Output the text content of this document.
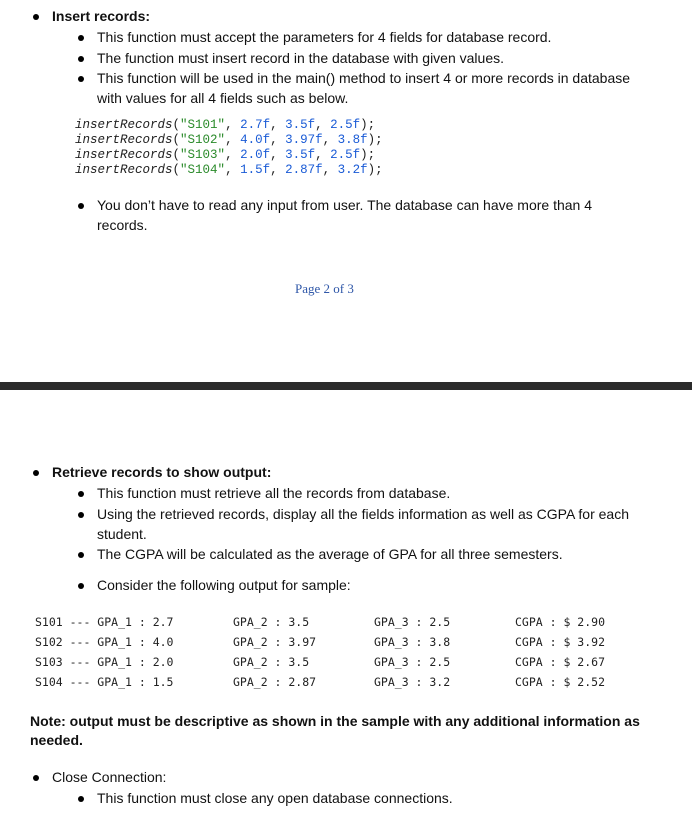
Insert records:
This function must accept the parameters for 4 fields for database record.
The function must insert record in the database with given values.
This function will be used in the main() method to insert 4 or more records in database with values for all 4 fields such as below.
insertRecords("S101", 2.7f, 3.5f, 2.5f);
insertRecords("S102", 4.0f, 3.97f, 3.8f);
insertRecords("S103", 2.0f, 3.5f, 2.5f);
insertRecords("S104", 1.5f, 2.87f, 3.2f);
You don’t have to read any input from user. The database can have more than 4 records.
Page 2 of 3
Retrieve records to show output:
This function must retrieve all the records from database.
Using the retrieved records, display all the fields information as well as CGPA for each student.
The CGPA will be calculated as the average of GPA for all three semesters.
Consider the following output for sample:
S101 --- GPA_1 : 2.7	GPA_2 : 3.5	GPA_3 : 2.5	CGPA : $ 2.90
S102 --- GPA_1 : 4.0	GPA_2 : 3.97	GPA_3 : 3.8	CGPA : $ 3.92
S103 --- GPA_1 : 2.0	GPA_2 : 3.5	GPA_3 : 2.5	CGPA : $ 2.67
S104 --- GPA_1 : 1.5	GPA_2 : 2.87	GPA_3 : 3.2	CGPA : $ 2.52
Note: output must be descriptive as shown in the sample with any additional information as needed.
Close Connection:
This function must close any open database connections.
